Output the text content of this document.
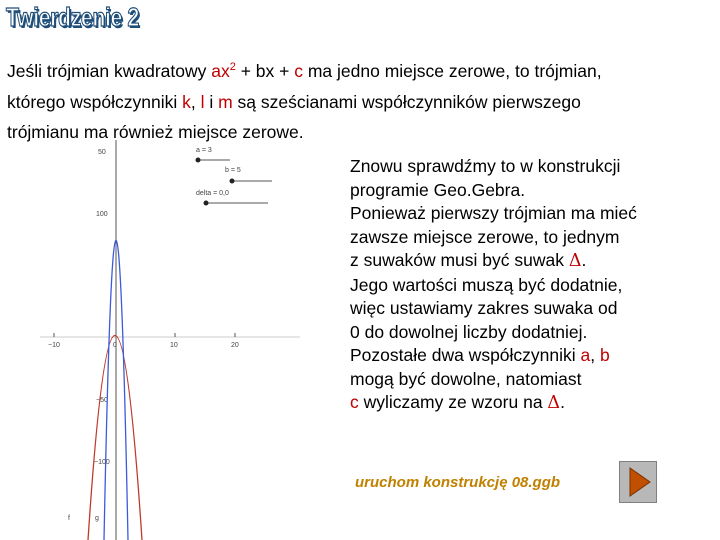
Twierdzenie 2
Jeśli trójmian kwadratowy $ax^2$ + bx + c ma jedno miejsce zerowe, to trójmian,
którego współczynniki k, l i m są sześcianami współczynników pierwszego
trójmianu ma również miejsce zerowe.
a = 3
b = 5
delta = 0,0
50
100
−50
−100
−10	0	10	20
f	g
Znowu sprawdźmy to w konstrukcji
programie Geo.Gebra.
Ponieważ pierwszy trójmian ma mieć
zawsze miejsce zerowe, to jednym
z suwaków musi być suwak Δ.
Jego wartości muszą być dodatnie,
więc ustawiamy zakres suwaka od
0 do dowolnej liczby dodatniej.
Pozostałe dwa współczynniki a, b
mogą być dowolne, natomiast
c wyliczamy ze wzoru na Δ.
uruchom konstrukcję 08.ggb
